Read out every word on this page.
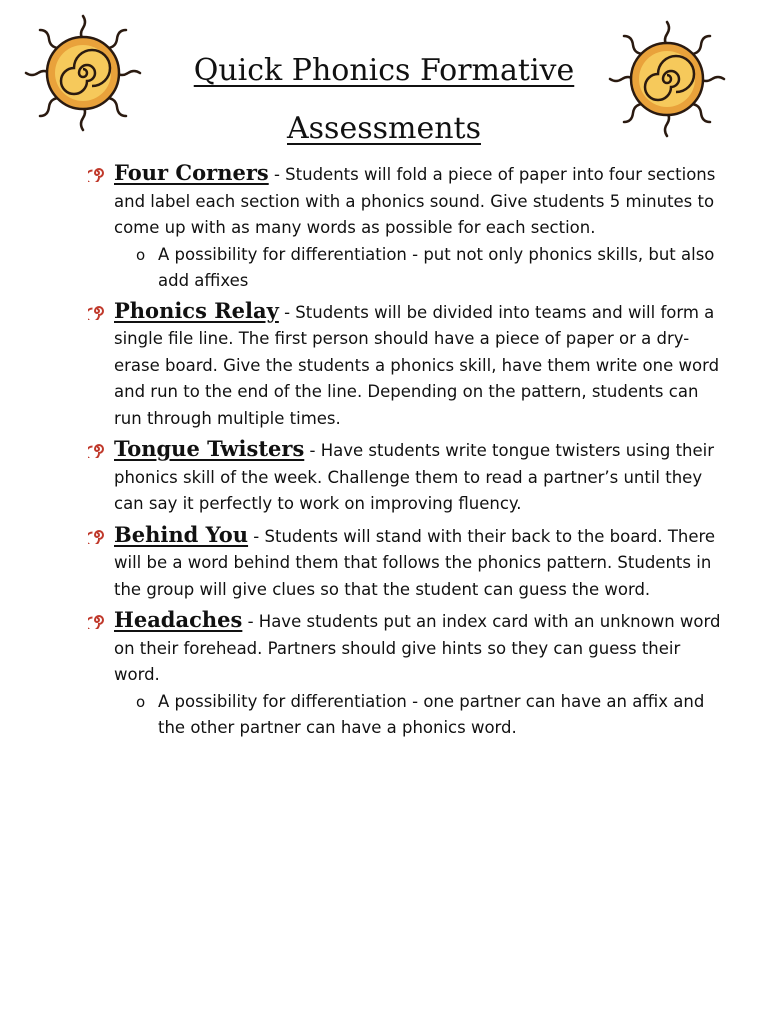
Quick Phonics Formative
Assessments
Four Corners - Students will fold a piece of paper into four sections and label each section with a phonics sound. Give students 5 minutes to come up with as many words as possible for each section.
o A possibility for differentiation - put not only phonics skills, but also add affixes
Phonics Relay - Students will be divided into teams and will form a single file line. The first person should have a piece of paper or a dry-erase board. Give the students a phonics skill, have them write one word and run to the end of the line. Depending on the pattern, students can run through multiple times.
Tongue Twisters - Have students write tongue twisters using their phonics skill of the week. Challenge them to read a partner’s until they can say it perfectly to work on improving fluency.
Behind You - Students will stand with their back to the board. There will be a word behind them that follows the phonics pattern. Students in the group will give clues so that the student can guess the word.
Headaches - Have students put an index card with an unknown word on their forehead. Partners should give hints so they can guess their word.
o A possibility for differentiation - one partner can have an affix and the other partner can have a phonics word.
